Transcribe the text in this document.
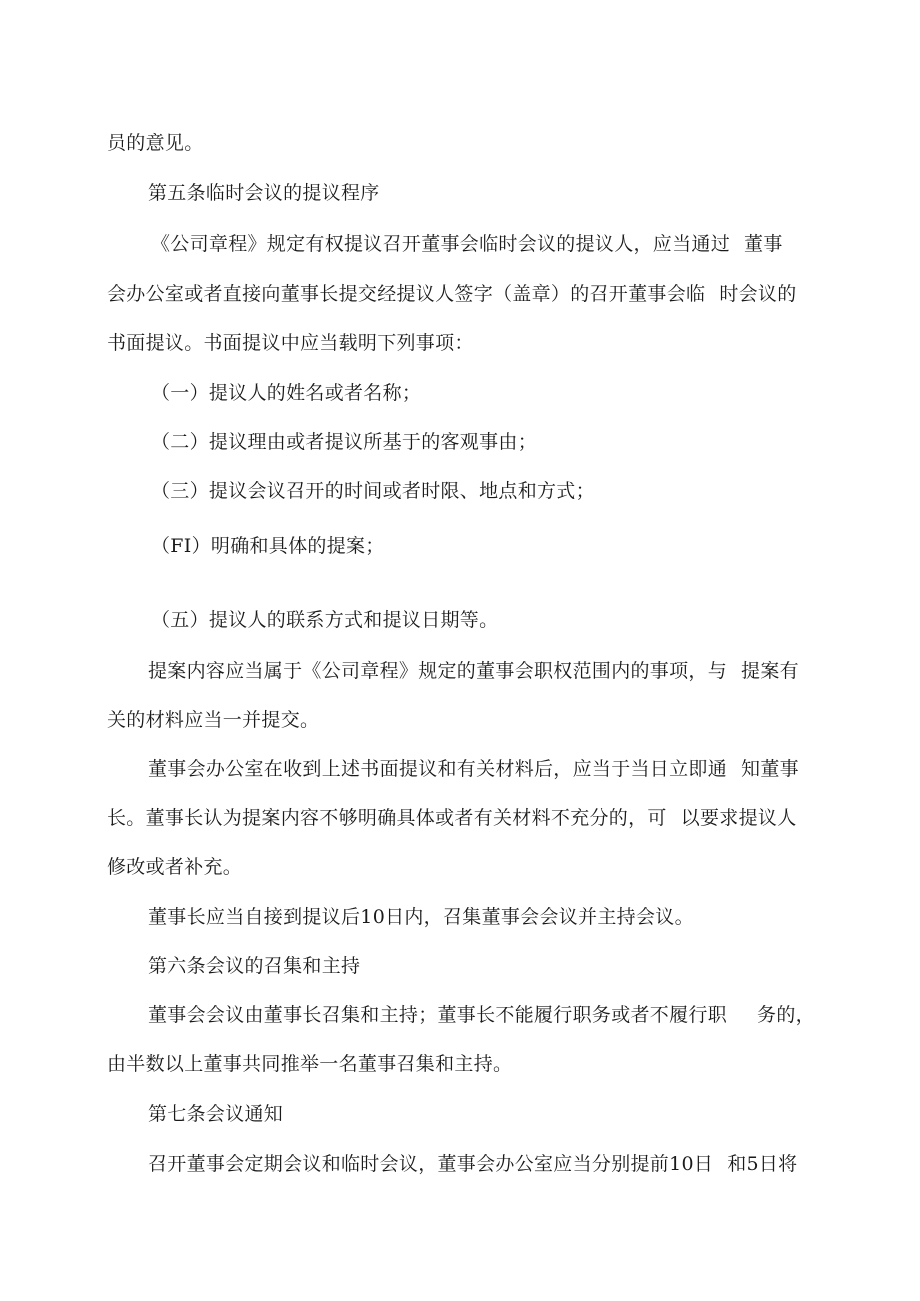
员的意见。
第五条临时会议的提议程序
《公司章程》规定有权提议召开董事会临时会议的提议人，应当通过 董事
会办公室或者直接向董事长提交经提议人签字（盖章）的召开董事会临 时会议的
书面提议。书面提议中应当载明下列事项：
（一）提议人的姓名或者名称；
（二）提议理由或者提议所基于的客观事由；
（三）提议会议召开的时间或者时限、地点和方式；
（FI）明确和具体的提案；
（五）提议人的联系方式和提议日期等。
提案内容应当属于《公司章程》规定的董事会职权范围内的事项，与 提案有
关的材料应当一并提交。
董事会办公室在收到上述书面提议和有关材料后，应当于当日立即通 知董事
长。董事长认为提案内容不够明确具体或者有关材料不充分的，可 以要求提议人
修改或者补充。
董事长应当自接到提议后10日内，召集董事会会议并主持会议。
第六条会议的召集和主持
董事会会议由董事长召集和主持；董事长不能履行职务或者不履行职 务的，
由半数以上董事共同推举一名董事召集和主持。
第七条会议通知
召开董事会定期会议和临时会议，董事会办公室应当分别提前10日 和5日将
